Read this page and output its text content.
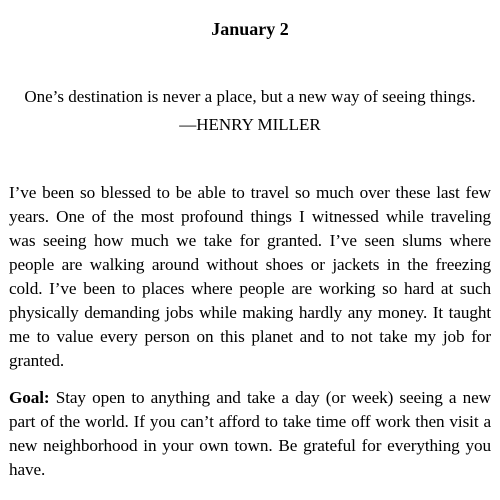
January 2

One’s destination is never a place, but a new way of seeing things.

—HENRY MILLER

I’ve been so blessed to be able to travel so much over these last few years. One of the most profound things I witnessed while traveling was seeing how much we take for granted. I’ve seen slums where people are walking around without shoes or jackets in the freezing cold. I’ve been to places where people are working so hard at such physically demanding jobs while making hardly any money. It taught me to value every person on this planet and to not take my job for granted.

Goal: Stay open to anything and take a day (or week) seeing a new part of the world. If you can’t afford to take time off work then visit a new neighborhood in your own town. Be grateful for everything you have.
